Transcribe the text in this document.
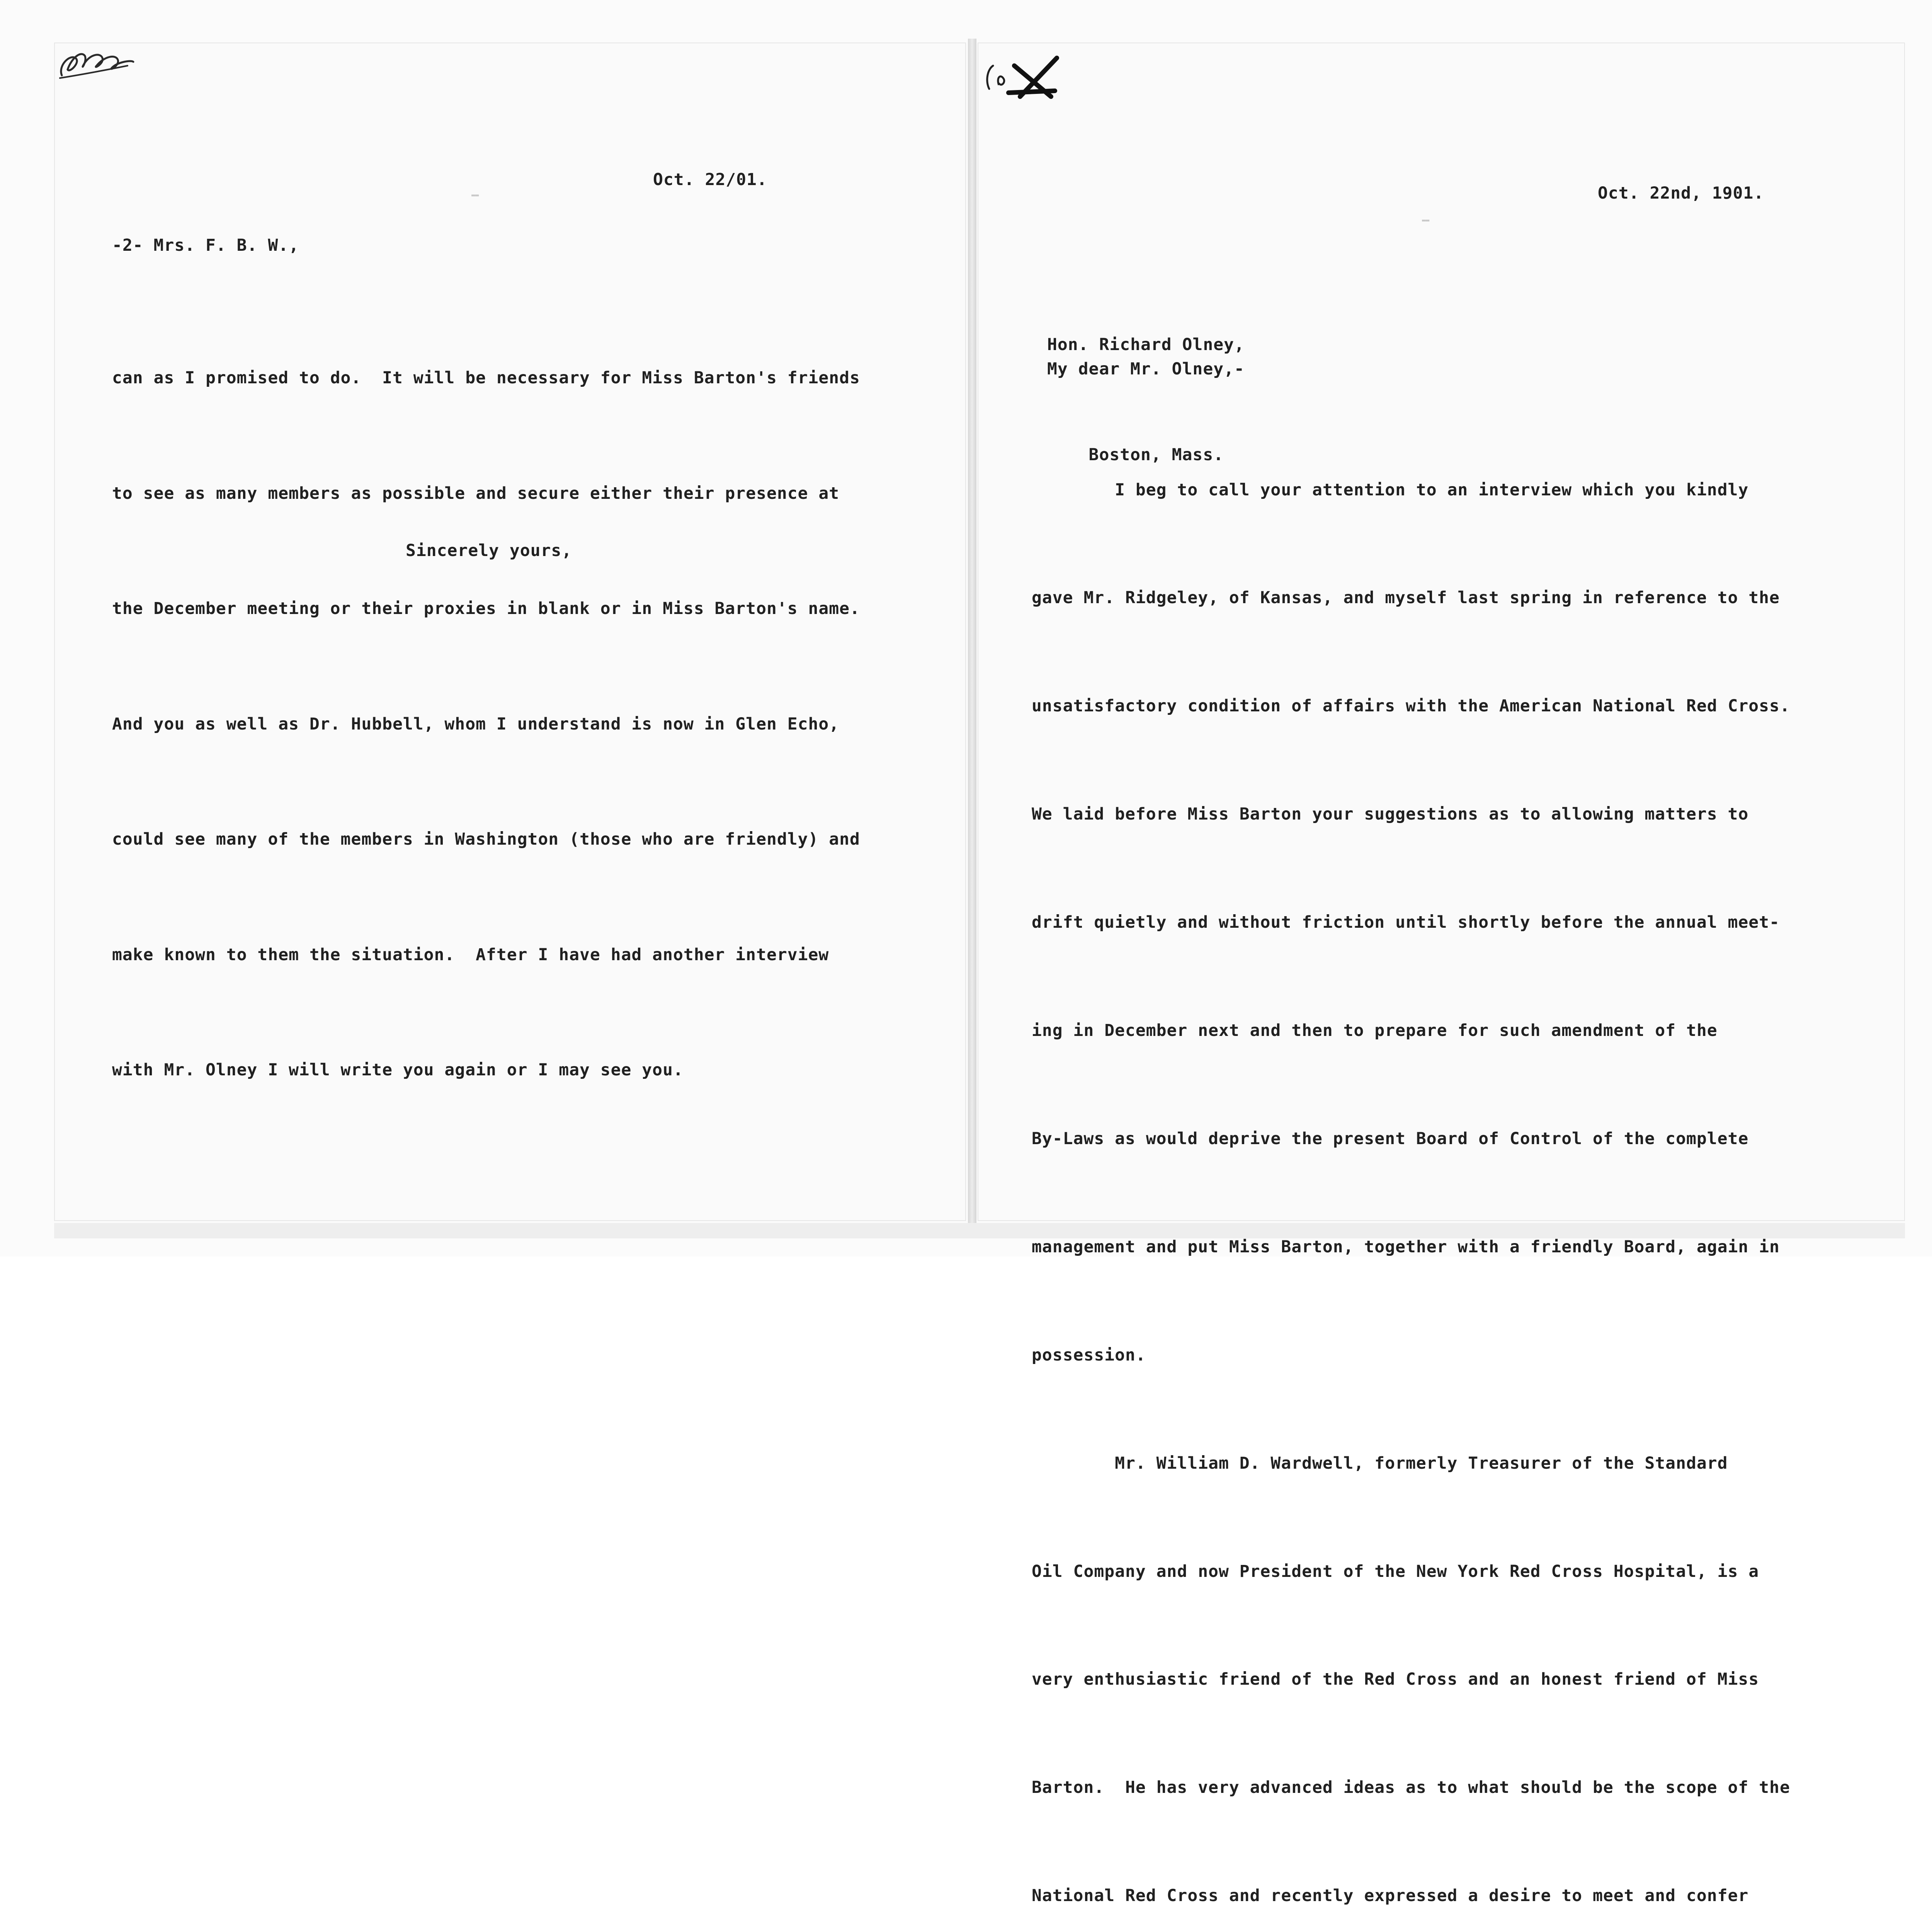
Oct. 22/01.

▬▬

-2- Mrs. F. B. W.,

can as I promised to do.  It will be necessary for Miss Barton's friends

to see as many members as possible and secure either their presence at

the December meeting or their proxies in blank or in Miss Barton's name.

And you as well as Dr. Hubbell, whom I understand is now in Glen Echo,

could see many of the members in Washington (those who are friendly) and

make known to them the situation.  After I have had another interview

with Mr. Olney I will write you again or I may see you.

Sincerely yours,

Oct. 22nd, 1901.

▬▬

Hon. Richard Olney,

Boston, Mass.

My dear Mr. Olney,-

I beg to call your attention to an interview which you kindly

gave Mr. Ridgeley, of Kansas, and myself last spring in reference to the

unsatisfactory condition of affairs with the American National Red Cross.

We laid before Miss Barton your suggestions as to allowing matters to

drift quietly and without friction until shortly before the annual meet-

ing in December next and then to prepare for such amendment of the

By-Laws as would deprive the present Board of Control of the complete

management and put Miss Barton, together with a friendly Board, again in

possession.

Mr. William D. Wardwell, formerly Treasurer of the Standard

Oil Company and now President of the New York Red Cross Hospital, is a

very enthusiastic friend of the Red Cross and an honest friend of Miss

Barton.  He has very advanced ideas as to what should be the scope of the

National Red Cross and recently expressed a desire to meet and confer
